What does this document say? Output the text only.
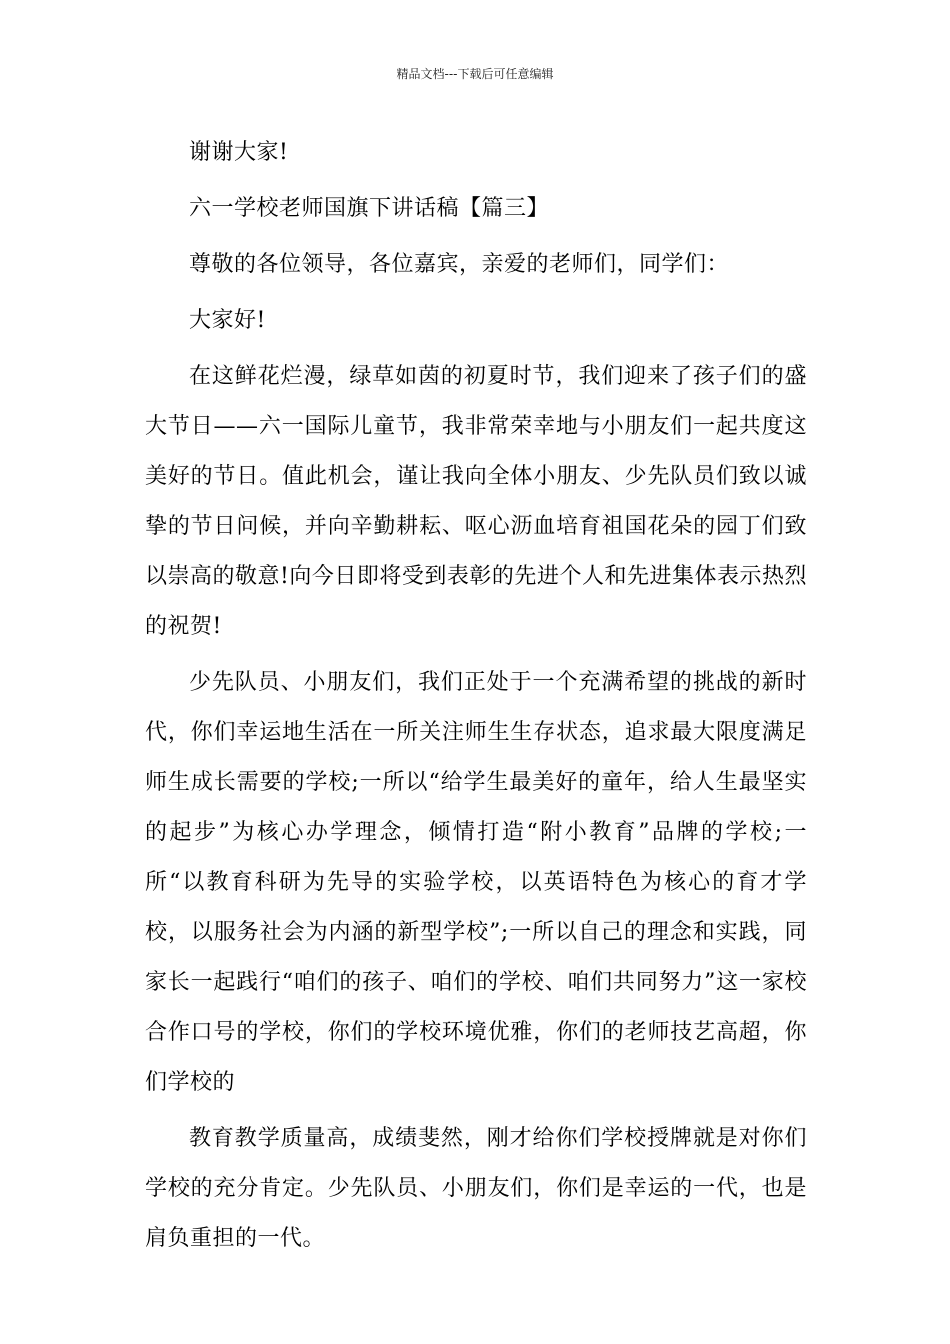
精品文档---下载后可任意编辑

谢谢大家!

六一学校老师国旗下讲话稿【篇三】

尊敬的各位领导，各位嘉宾，亲爱的老师们，同学们：

大家好!

在这鲜花烂漫，绿草如茵的初夏时节，我们迎来了孩子们的盛大节日——六一国际儿童节，我非常荣幸地与小朋友们一起共度这美好的节日。值此机会，谨让我向全体小朋友、少先队员们致以诚挚的节日问候，并向辛勤耕耘、呕心沥血培育祖国花朵的园丁们致以崇高的敬意!向今日即将受到表彰的先进个人和先进集体表示热烈的祝贺!

少先队员、小朋友们，我们正处于一个充满希望的挑战的新时代，你们幸运地生活在一所关注师生生存状态，追求最大限度满足师生成长需要的学校;一所以“给学生最美好的童年，给人生最坚实的起步”为核心办学理念，倾情打造“附小教育”品牌的学校;一所“以教育科研为先导的实验学校，以英语特色为核心的育才学校，以服务社会为内涵的新型学校”;一所以自己的理念和实践，同家长一起践行“咱们的孩子、咱们的学校、咱们共同努力”这一家校合作口号的学校，你们的学校环境优雅，你们的老师技艺高超，你们学校的

教育教学质量高，成绩斐然，刚才给你们学校授牌就是对你们学校的充分肯定。少先队员、小朋友们，你们是幸运的一代，也是肩负重担的一代。
